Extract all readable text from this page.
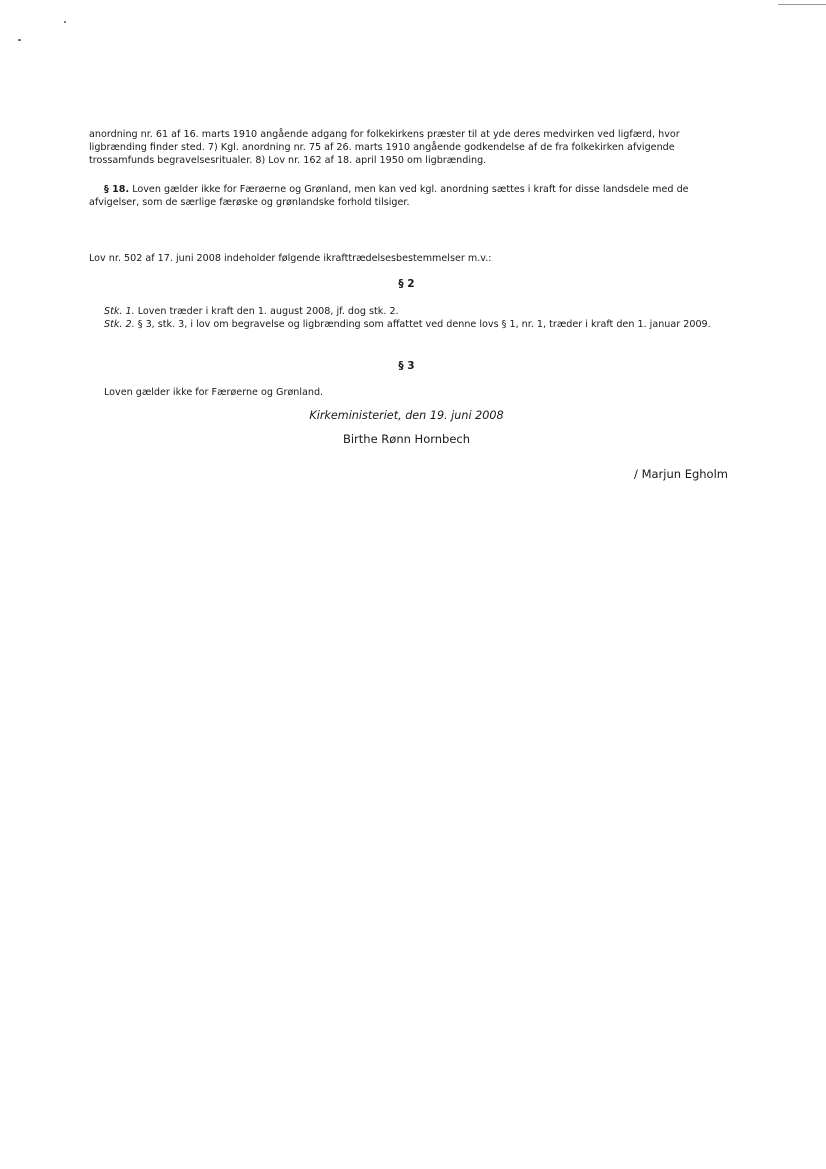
anordning nr. 61 af 16. marts 1910 angående adgang for folkekirkens præster til at yde deres medvirken ved ligfærd, hvor ligbrænding finder sted. 7) Kgl. anordning nr. 75 af 26. marts 1910 angående godkendelse af de fra folkekirken afvigende trossamfunds begravelsesritualer. 8) Lov nr. 162 af 18. april 1950 om ligbrænding.

§ 18. Loven gælder ikke for Færøerne og Grønland, men kan ved kgl. anordning sættes i kraft for disse landsdele med de afvigelser, som de særlige færøske og grønlandske forhold tilsiger.

Lov nr. 502 af 17. juni 2008 indeholder følgende ikrafttrædelsesbestemmelser m.v.:

§ 2

Stk. 1. Loven træder i kraft den 1. august 2008, jf. dog stk. 2.

Stk. 2. § 3, stk. 3, i lov om begravelse og ligbrænding som affattet ved denne lovs § 1, nr. 1, træder i kraft den 1. januar 2009.

§ 3

Loven gælder ikke for Færøerne og Grønland.

Kirkeministeriet, den 19. juni 2008

Birthe Rønn Hornbech

/ Marjun Egholm
